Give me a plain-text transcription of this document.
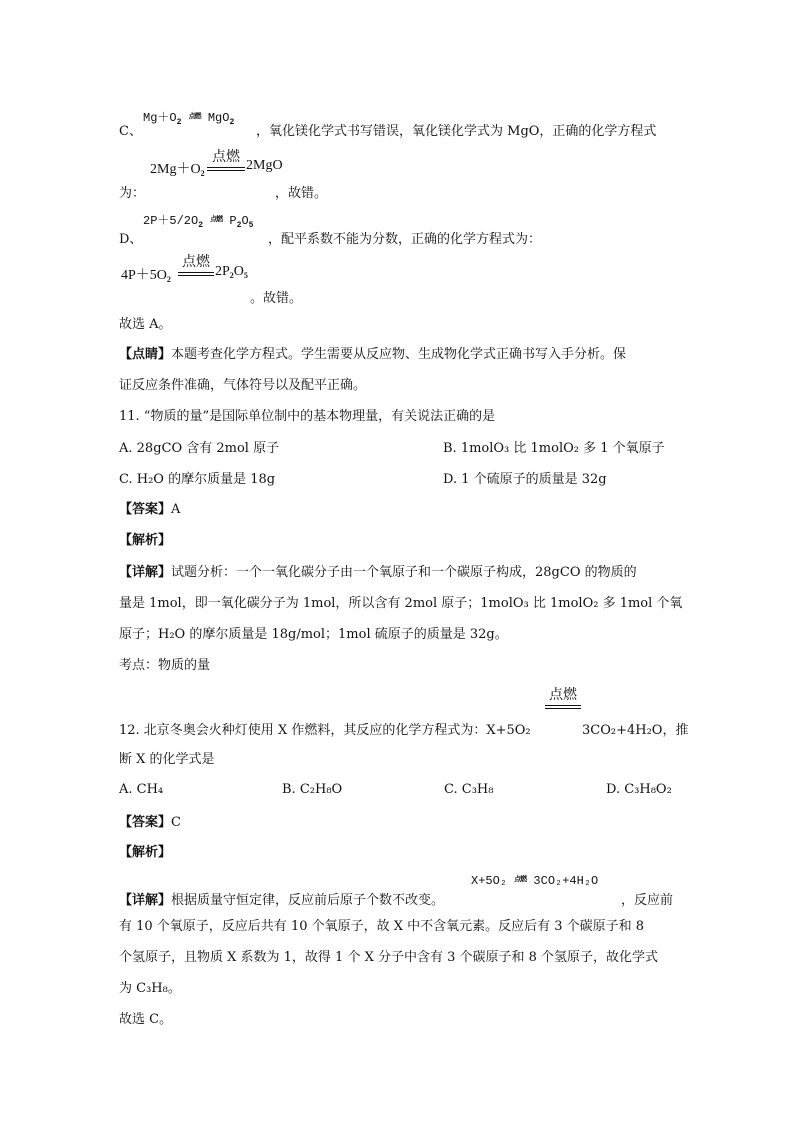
C、
$Mg+O_2$ 点燃 MgO$_2$
，氧化镁化学式书写错误，氧化镁化学式为 MgO，正确的化学方程式
$2Mg+O_2$
点燃
2MgO
为：	，故错。
D、
$2P+5/2O_2$ 点燃 $P_2O_5$
，配平系数不能为分数，正确的化学方程式为：
$4P+5O_2$
点燃
$2P_2O_5$
。故错。
故选 A。
【点睛】本题考查化学方程式。学生需要从反应物、生成物化学式正确书写入手分析。保
证反应条件准确，气体符号以及配平正确。
11. “物质的量”是国际单位制中的基本物理量，有关说法正确的是
A. 28gCO 含有 2mol 原子	B. 1molO₃ 比 1molO₂ 多 1 个氧原子
C. H₂O 的摩尔质量是 18g	D. 1 个硫原子的质量是 32g
【答案】A
【解析】
【详解】试题分析：一个一氧化碳分子由一个氧原子和一个碳原子构成，28gCO 的物质的
量是 1mol，即一氧化碳分子为 1mol，所以含有 2mol 原子；1molO₃ 比 1molO₂ 多 1mol 个氧
原子；H₂O 的摩尔质量是 18g/mol；1mol 硫原子的质量是 32g。
考点：物质的量
点燃
12. 北京冬奥会火种灯使用 X 作燃料，其反应的化学方程式为：X+5O₂	3CO₂+4H₂O，推
断 X 的化学式是
A. CH₄	B. C₂H₈O	C. C₃H₈	D. C₃H₈O₂
【答案】C
【解析】
【详解】根据质量守恒定律，反应前后原子个数不改变。
X+5O₂ 点燃 3CO₂+4H₂O
，反应前
有 10 个氧原子，反应后共有 10 个氧原子，故 X 中不含氧元素。反应后有 3 个碳原子和 8
个氢原子，且物质 X 系数为 1，故得 1 个 X 分子中含有 3 个碳原子和 8 个氢原子，故化学式
为 C₃H₈。
故选 C。
